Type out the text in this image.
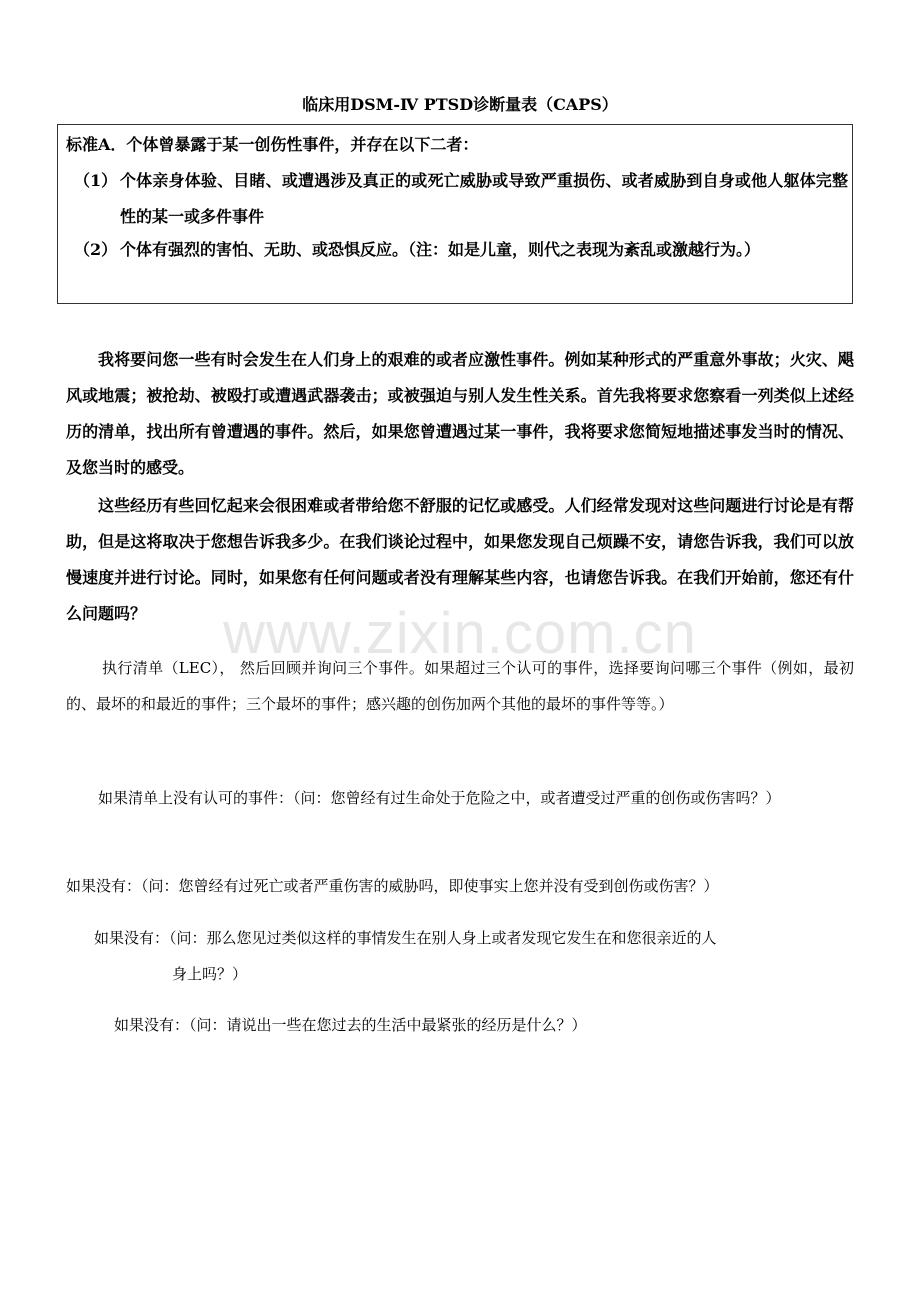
临床用DSM-Ⅳ PTSD诊断量表（CAPS）
标准A．个体曾暴露于某一创伤性事件，并存在以下二者：
（1） 个体亲身体验、目睹、或遭遇涉及真正的或死亡威胁或导致严重损伤、或者威胁到自身或他人躯体完整性的某一或多件事件
（2） 个体有强烈的害怕、无助、或恐惧反应。（注：如是儿童，则代之表现为紊乱或激越行为。）
我将要问您一些有时会发生在人们身上的艰难的或者应激性事件。例如某种形式的严重意外事故；火灾、飓风或地震；被抢劫、被殴打或遭遇武器袭击；或被强迫与别人发生性关系。首先我将要求您察看一列类似上述经历的清单，找出所有曾遭遇的事件。然后，如果您曾遭遇过某一事件，我将要求您简短地描述事发当时的情况、及您当时的感受。
这些经历有些回忆起来会很困难或者带给您不舒服的记忆或感受。人们经常发现对这些问题进行讨论是有帮助，但是这将取决于您想告诉我多少。在我们谈论过程中，如果您发现自己烦躁不安，请您告诉我，我们可以放慢速度并进行讨论。同时，如果您有任何问题或者没有理解某些内容，也请您告诉我。在我们开始前，您还有什么问题吗？	www.zixin.com.cn
执行清单（LEC）， 然后回顾并询问三个事件。如果超过三个认可的事件，选择要询问哪三个事件（例如，最初的、最坏的和最近的事件；三个最坏的事件；感兴趣的创伤加两个其他的最坏的事件等等。）
如果清单上没有认可的事件：（问：您曾经有过生命处于危险之中，或者遭受过严重的创伤或伤害吗？）
如果没有：（问：您曾经有过死亡或者严重伤害的威胁吗，即使事实上您并没有受到创伤或伤害？）
如果没有：（问：那么您见过类似这样的事情发生在别人身上或者发现它发生在和您很亲近的人
身上吗？）
如果没有：（问：请说出一些在您过去的生活中最紧张的经历是什么？）
